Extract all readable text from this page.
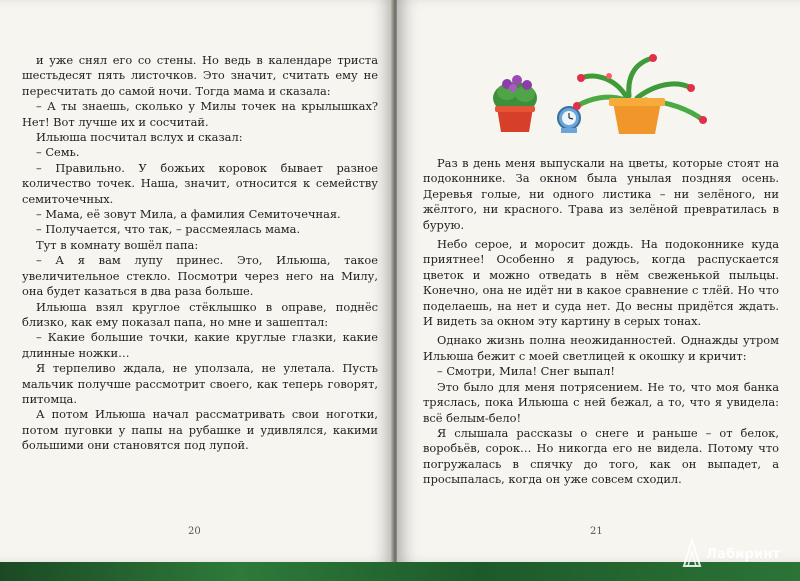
и уже снял его со стены. Но ведь в календаре триста шестьдесят пять листочков. Это значит, считать ему не пересчитать до самой ночи. Тогда мама и сказала:

– А ты знаешь, сколько у Милы точек на крылышках? Нет! Вот лучше их и сосчитай.

Ильюша посчитал вслух и сказал:

– Семь.

– Правильно. У божьих коровок бывает разное количество точек. Наша, значит, относится к семейству семиточечных.

– Мама, её зовут Мила, а фамилия Семиточечная.

– Получается, что так, – рассмеялась мама.

Тут в комнату вошёл папа:

– А я вам лупу принес. Это, Ильюша, такое увеличительное стекло. Посмотри через него на Милу, она будет казаться в два раза больше.

Ильюша взял круглое стёклышко в оправе, поднёс близко, как ему показал папа, но мне и зашептал:

– Какие большие точки, какие круглые глазки, какие длинные ножки…

Я терпеливо ждала, не уползала, не улетала. Пусть мальчик получше рассмотрит своего, как теперь говорят, питомца.

А потом Ильюша начал рассматривать свои ноготки, потом пуговки у папы на рубашке и удивлялся, какими большими они становятся под лупой.

20

Раз в день меня выпускали на цветы, которые стоят на подоконнике. За окном была унылая поздняя осень. Деревья голые, ни одного листика – ни зелёного, ни жёлтого, ни красного. Трава из зелёной превратилась в бурую.

Небо серое, и моросит дождь. На подоконнике куда приятнее! Особенно я радуюсь, когда распускается цветок и можно отведать в нём свеженькой пыльцы. Конечно, она не идёт ни в какое сравнение с тлёй. Но что поделаешь, на нет и суда нет. До весны придётся ждать. И видеть за окном эту картину в серых тонах.

Однако жизнь полна неожиданностей. Однажды утром Ильюша бежит с моей светлицей к окошку и кричит:

– Смотри, Мила! Снег выпал!

Это было для меня потрясением. Не то, что моя банка тряслась, пока Ильюша с ней бежал, а то, что я увидела: всё белым-бело!

Я слышала рассказы о снеге и раньше – от белок, воробьёв, сорок… Но никогда его не видела. Потому что погружалась в спячку до того, как он выпадет, а просыпалась, когда он уже совсем сходил.

21
Лабиринт
